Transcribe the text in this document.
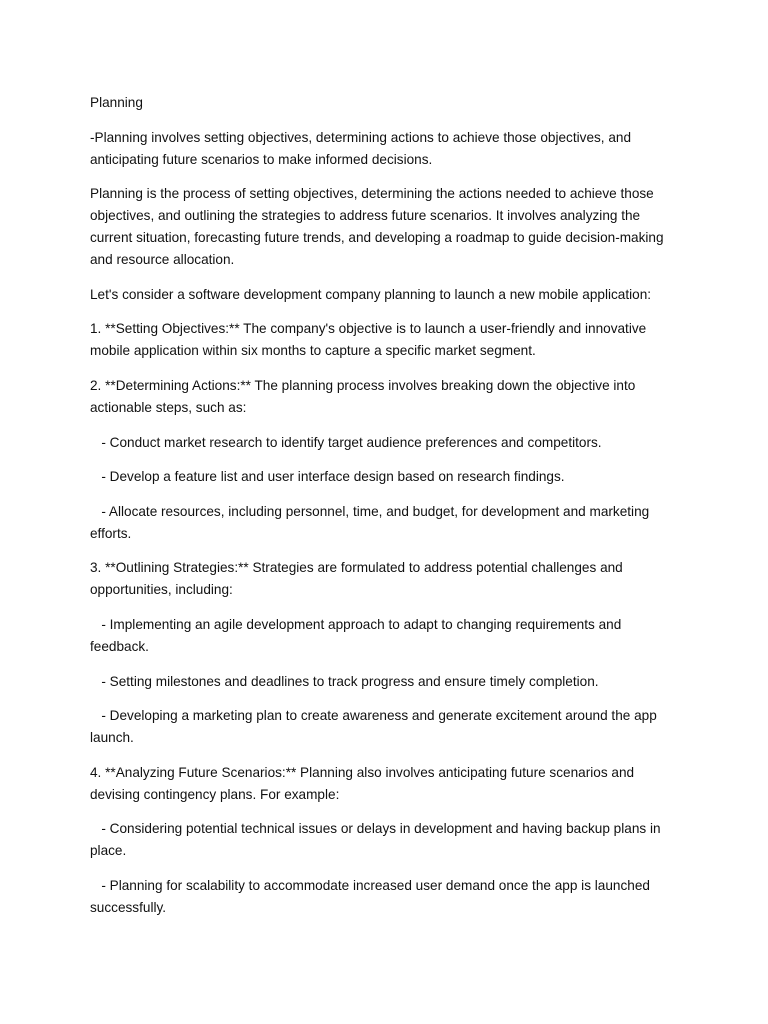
Planning

-Planning involves setting objectives, determining actions to achieve those objectives, and anticipating future scenarios to make informed decisions.

Planning is the process of setting objectives, determining the actions needed to achieve those objectives, and outlining the strategies to address future scenarios. It involves analyzing the current situation, forecasting future trends, and developing a roadmap to guide decision-making and resource allocation.

Let's consider a software development company planning to launch a new mobile application:

1. **Setting Objectives:** The company's objective is to launch a user-friendly and innovative mobile application within six months to capture a specific market segment.

2. **Determining Actions:** The planning process involves breaking down the objective into actionable steps, such as:

- Conduct market research to identify target audience preferences and competitors.

- Develop a feature list and user interface design based on research findings.

- Allocate resources, including personnel, time, and budget, for development and marketing efforts.

3. **Outlining Strategies:** Strategies are formulated to address potential challenges and opportunities, including:

- Implementing an agile development approach to adapt to changing requirements and feedback.

- Setting milestones and deadlines to track progress and ensure timely completion.

- Developing a marketing plan to create awareness and generate excitement around the app launch.

4. **Analyzing Future Scenarios:** Planning also involves anticipating future scenarios and devising contingency plans. For example:

- Considering potential technical issues or delays in development and having backup plans in place.

- Planning for scalability to accommodate increased user demand once the app is launched successfully.
